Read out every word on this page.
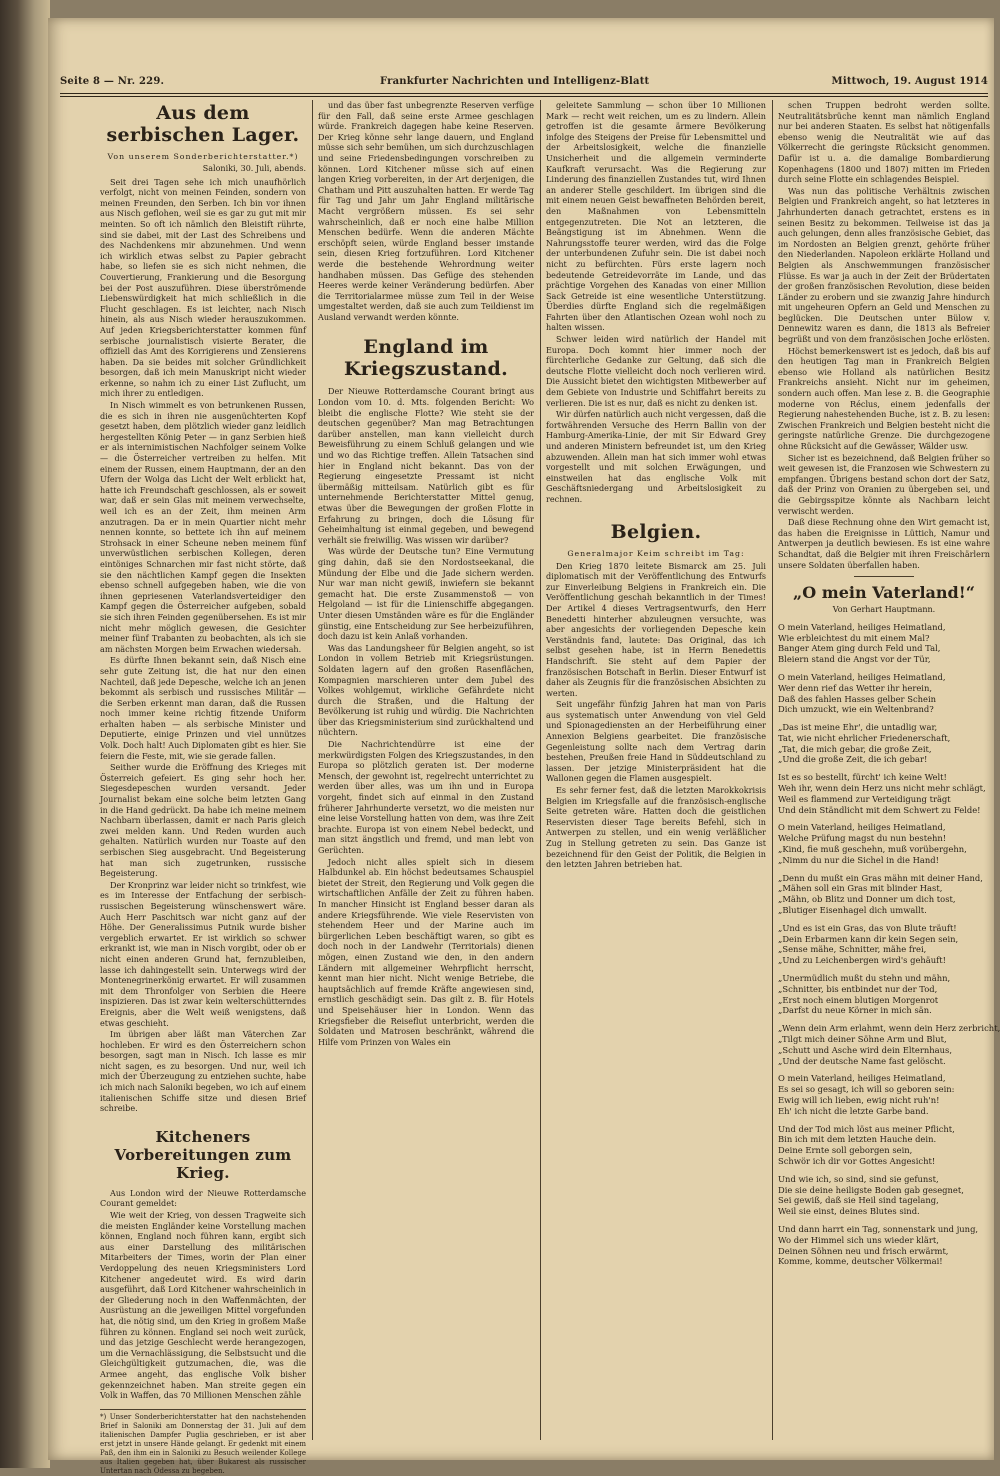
Seite 8 — Nr. 229.	Frankfurter Nachrichten und Intelligenz-Blatt	Mittwoch, 19. August 1914
Aus dem serbischen Lager.
Von unserem Sonderberichterstatter.*)
Saloniki, 30. Juli, abends.

Seit drei Tagen sehe ich mich unaufhörlich verfolgt, nicht von meinen Feinden, sondern von meinen Freunden, den Serben. Ich bin vor ihnen aus Nisch geflohen, weil sie es gar zu gut mit mir meinten. So oft ich nämlich den Bleistift rührte, sind sie dabei, mit der Last des Schreibens und des Nachdenkens mir abzunehmen. Und wenn ich wirklich etwas selbst zu Papier gebracht habe, so liefen sie es sich nicht nehmen, die Couvertierung, Frankierung und die Besorgung bei der Post auszuführen. Diese überströmende Liebenswürdigkeit hat mich schließlich in die Flucht geschlagen. Es ist leichter, nach Nisch hinein, als aus Nisch wieder herauszukommen. Auf jeden Kriegsberichterstatter kommen fünf serbische journalistisch visierte Berater, die offiziell das Amt des Korrigierens und Zensierens haben. Da sie beides mit solcher Gründlichkeit besorgen, daß ich mein Manuskript nicht wieder erkenne, so nahm ich zu einer List Zuflucht, um mich ihrer zu entledigen.

In Nisch wimmelt es von betrunkenen Russen, die es sich in ihren nie ausgenüchterten Kopf gesetzt haben, dem plötzlich wieder ganz leidlich hergestellten König Peter — in ganz Serbien hieß er als internimistischen Nachfolger seinem Volke — die Österreicher vertreiben zu helfen. Mit einem der Russen, einem Hauptmann, der an den Ufern der Wolga das Licht der Welt erblickt hat, hatte ich Freundschaft geschlossen, als er soweit war, daß er sein Glas mit meinem verwechselte, weil ich es an der Zeit, ihm meinen Arm anzutragen. Da er in mein Quartier nicht mehr nennen konnte, so bettete ich ihn auf meinem Strohsack in einer Scheune neben meinem fünf unverwüstlichen serbischen Kollegen, deren eintöniges Schnarchen mir fast nicht störte, daß sie den nächtlichen Kampf gegen die Insekten ebenso schnell aufgegeben haben, wie die von ihnen gepriesenen Vaterlandsverteidiger den Kampf gegen die Österreicher aufgeben, sobald sie sich ihren Feinden gegenübersehen. Es ist mir nicht mehr möglich gewesen, die Gesichter meiner fünf Trabanten zu beobachten, als ich sie am nächsten Morgen beim Erwachen wiedersah.

Es dürfte Ihnen bekannt sein, daß Nisch eine sehr gute Zeitung ist, die hat nur den einen Nachteil, daß jede Depesche, welche ich an jenen bekommt als serbisch und russisches Militär — die Serben erkennt man daran, daß die Russen noch immer keine richtig fitzende Uniform erhalten haben — als serbische Minister und Deputierte, einige Prinzen und viel unnützes Volk. Doch halt! Auch Diplomaten gibt es hier. Sie feiern die Feste, mit, wie sie gerade fallen.

Seither wurde die Eröffnung des Krieges mit Österreich gefeiert. Es ging sehr hoch her. Siegesdepeschen wurden versandt. Jeder Journalist bekam eine solche beim letzten Gang in die Hand gedrückt. Da habe ich meine meinem Nachbarn überlassen, damit er nach Paris gleich zwei melden kann. Und Reden wurden auch gehalten. Natürlich wurden nur Toaste auf den serbischen Sieg ausgebracht. Und Begeisterung hat man sich zugetrunken, russische Begeisterung.

Der Kronprinz war leider nicht so trinkfest, wie es im Interesse der Entfachung der serbisch-russischen Begeisterung wünschenswert wäre. Auch Herr Paschitsch war nicht ganz auf der Höhe. Der Generalissimus Putnik wurde bisher vergeblich erwartet. Er ist wirklich so schwer erkrankt ist, wie man in Nisch vorgibt, oder ob er nicht einen anderen Grund hat, fernzubleiben, lasse ich dahingestellt sein. Unterwegs wird der Montenegrinerkönig erwartet. Er will zusammen mit dem Thronfolger von Serbien die Heere inspizieren. Das ist zwar kein welterschütterndes Ereignis, aber die Welt weiß wenigstens, daß etwas geschieht.

Im übrigen aber läßt man Väterchen Zar hochleben. Er wird es den Österreichern schon besorgen, sagt man in Nisch. Ich lasse es mir nicht sagen, es zu besorgen. Und nur, weil ich mich der Überzeugung zu entziehen suchte, habe ich mich nach Saloniki begeben, wo ich auf einem italienischen Schiffe sitze und diesen Brief schreibe.

Kitcheners Vorbereitungen zum Krieg.

Aus London wird der Nieuwe Rotterdamsche Courant gemeldet:

Wie weit der Krieg, von dessen Tragweite sich die meisten Engländer keine Vorstellung machen können, England noch führen kann, ergibt sich aus einer Darstellung des militärischen Mitarbeiters der Times, worin der Plan einer Verdoppelung des neuen Kriegsministers Lord Kitchener angedeutet wird. Es wird darin ausgeführt, daß Lord Kitchener wahrscheinlich in der Gliederung noch in den Waffenmächten, der Ausrüstung an die jeweiligen Mittel vorgefunden hat, die nötig sind, um den Krieg in großem Maße führen zu können. England sei noch weit zurück, und das jetzige Geschlecht werde herangezogen, um die Vernachlässigung, die Selbstsucht und die Gleichgültigkeit gutzumachen, die, was die Armee angeht, das englische Volk bisher gekennzeichnet haben. Man streite gegen ein Volk in Waffen, das 70 Millionen Menschen zähle

*) Unser Sonderberichterstatter hat den nachstehenden Brief in Saloniki am Donnerstag der 31. Juli auf dem italienischen Dampfer Puglia geschrieben, er ist aber erst jetzt in unsere Hände gelangt. Er gedenkt mit einem Paß, den ihm ein in Saloniki zu Besuch weilender Kollege aus Italien gegeben hat, über Bukarest als russischer Untertan nach Odessa zu begeben.

und das über fast unbegrenzte Reserven verfüge für den Fall, daß seine erste Armee geschlagen würde. Frankreich dagegen habe keine Reserven. Der Krieg könne sehr lange dauern, und England müsse sich sehr bemühen, um sich durchzuschlagen und seine Friedensbedingungen vorschreiben zu können. Lord Kitchener müsse sich auf einen langen Krieg vorbereiten, in der Art derjenigen, die Chatham und Pitt auszuhalten hatten. Er werde Tag für Tag und Jahr um Jahr England militärische Macht vergrößern müssen. Es sei sehr wahrscheinlich, daß er noch eine halbe Million Menschen bedürfe. Wenn die anderen Mächte erschöpft seien, würde England besser imstande sein, diesen Krieg fortzuführen. Lord Kitchener werde die bestehende Wehrordnung weiter handhaben müssen. Das Gefüge des stehenden Heeres werde keiner Veränderung bedürfen. Aber die Territorialarmee müsse zum Teil in der Weise umgestaltet werden, daß sie auch zum Teildienst im Ausland verwandt werden könnte.

England im Kriegszustand.

Der Nieuwe Rotterdamsche Courant bringt aus London vom 10. d. Mts. folgenden Bericht: Wo bleibt die englische Flotte? Wie steht sie der deutschen gegenüber? Man mag Betrachtungen darüber anstellen, man kann vielleicht durch Beweisführung zu einem Schluß gelangen und wie und wo das Richtige treffen. Allein Tatsachen sind hier in England nicht bekannt. Das von der Regierung eingesetzte Pressamt ist nicht übermäßig mitteilsam. Natürlich gibt es für unternehmende Berichterstatter Mittel genug, etwas über die Bewegungen der großen Flotte in Erfahrung zu bringen, doch die Lösung für Geheimhaltung ist einmal gegeben, und bewegend verhält sie freiwillig. Was wissen wir darüber?

Was würde der Deutsche tun? Eine Vermutung ging dahin, daß sie den Nordostseekanal, die Mündung der Elbe und die Jade sichern werden. Nur war man nicht gewiß, inwiefern sie bekannt gemacht hat. Die erste Zusammenstoß — von Helgoland — ist für die Linienschiffe abgegangen. Unter diesen Umständen wäre es für die Engländer günstig, eine Entscheidung zur See herbeizuführen, doch dazu ist kein Anlaß vorhanden.

Was das Landungsheer für Belgien angeht, so ist London in vollem Betrieb mit Kriegsrüstungen. Soldaten lagern auf den großen Rasenflächen, Kompagnien marschieren unter dem Jubel des Volkes wohlgemut, wirkliche Gefährdete nicht durch die Straßen, und die Haltung der Bevölkerung ist ruhig und würdig. Die Nachrichten über das Kriegsministerium sind zurückhaltend und nüchtern.

Die Nachrichtendürre ist eine der merkwürdigsten Folgen des Kriegszustandes, in den Europa so plötzlich geraten ist. Der moderne Mensch, der gewohnt ist, regelrecht unterrichtet zu werden über alles, was um ihn und in Europa vorgeht, findet sich auf einmal in den Zustand früherer Jahrhunderte versetzt, wo die meisten nur eine leise Vorstellung hatten von dem, was ihre Zeit brachte. Europa ist von einem Nebel bedeckt, und man sitzt ängstlich und fremd, und man lebt von Gerüchten.

Jedoch nicht alles spielt sich in diesem Halbdunkel ab. Ein höchst bedeutsames Schauspiel bietet der Streit, den Regierung und Volk gegen die wirtschaftlichen Anfälle der Zeit zu führen haben. In mancher Hinsicht ist England besser daran als andere Kriegsführende. Wie viele Reservisten von stehendem Heer und der Marine auch im bürgerlichen Leben beschäftigt waren, so gibt es doch noch in der Landwehr (Territorials) dienen mögen, einen Zustand wie den, in den andern Ländern mit allgemeiner Wehrpflicht herrscht, kennt man hier nicht. Nicht wenige Betriebe, die hauptsächlich auf fremde Kräfte angewiesen sind, ernstlich geschädigt sein. Das gilt z. B. für Hotels und Speisehäuser hier in London. Wenn das Kriegsfieber die Reiseflut unterbricht, werden die Soldaten und Matrosen beschränkt, während die Hilfe vom Prinzen von Wales ein

geleitete Sammlung — schon über 10 Millionen Mark — recht weit reichen, um es zu lindern. Allein getroffen ist die gesamte ärmere Bevölkerung infolge des Steigens der Preise für Lebensmittel und der Arbeitslosigkeit, welche die finanzielle Unsicherheit und die allgemein verminderte Kaufkraft verursacht. Was die Regierung zur Linderung des finanziellen Zustandes tut, wird Ihnen an anderer Stelle geschildert. Im übrigen sind die mit einem neuen Geist bewaffneten Behörden bereit, den Maßnahmen von Lebensmitteln entgegenzutreten. Die Not an letzteren, die Beängstigung ist im Abnehmen. Wenn die Nahrungsstoffe teurer werden, wird das die Folge der unterbundenen Zufuhr sein. Die ist dabei noch nicht zu befürchten. Fürs erste lagern noch bedeutende Getreidevorräte im Lande, und das prächtige Vorgehen des Kanadas von einer Million Sack Getreide ist eine wesentliche Unterstützung. Überdies dürfte England sich die regelmäßigen Fahrten über den Atlantischen Ozean wohl noch zu halten wissen.

Schwer leiden wird natürlich der Handel mit Europa. Doch kommt hier immer noch der fürchterliche Gedanke zur Geltung, daß sich die deutsche Flotte vielleicht doch noch verlieren wird. Die Aussicht bietet den wichtigsten Mitbewerber auf dem Gebiete von Industrie und Schiffahrt bereits zu verlieren. Die ist es nur, daß es nicht zu denken ist.

Wir dürfen natürlich auch nicht vergessen, daß die fortwährenden Versuche des Herrn Ballin von der Hamburg-Amerika-Linie, der mit Sir Edward Grey und anderen Ministern befreundet ist, um den Krieg abzuwenden. Allein man hat sich immer wohl etwas vorgestellt und mit solchen Erwägungen, und einstweilen hat das englische Volk mit Geschäftsniedergang und Arbeitslosigkeit zu rechnen.

Belgien.
Generalmajor Keim schreibt im Tag:

Den Krieg 1870 leitete Bismarck am 25. Juli diplomatisch mit der Veröffentlichung des Entwurfs zur Einverleibung Belgiens in Frankreich ein. Die Veröffentlichung geschah bekanntlich in der Times! Der Artikel 4 dieses Vertragsentwurfs, den Herr Benedetti hinterher abzuleugnen versuchte, was aber angesichts der vorliegenden Depesche kein Verständnis fand, lautete: Das Original, das ich selbst gesehen habe, ist in Herrn Benedettis Handschrift. Sie steht auf dem Papier der französischen Botschaft in Berlin. Dieser Entwurf ist daher als Zeugnis für die französischen Absichten zu werten.

Seit ungefähr fünfzig Jahren hat man von Paris aus systematisch unter Anwendung von viel Geld und Spionagediensten an der Herbeiführung einer Annexion Belgiens gearbeitet. Die französische Gegenleistung sollte nach dem Vertrag darin bestehen, Preußen freie Hand in Süddeutschland zu lassen. Der jetzige Ministerpräsident hat die Wallonen gegen die Flamen ausgespielt.

Es sehr ferner fest, daß die letzten Marokkokrisis Belgien im Kriegsfalle auf die französisch-englische Seite getreten wäre. Hatten doch die geistlichen Reservisten dieser Tage bereits Befehl, sich in Antwerpen zu stellen, und ein wenig verläßlicher Zug in Stellung getreten zu sein. Das Ganze ist bezeichnend für den Geist der Politik, die Belgien in den letzten Jahren betrieben hat.

schen Truppen bedroht werden sollte. Neutralitätsbrüche kennt man nämlich England nur bei anderen Staaten. Es selbst hat nötigenfalls ebenso wenig die Neutralität wie auf das Völkerrecht die geringste Rücksicht genommen. Dafür ist u. a. die damalige Bombardierung Kopenhagens (1800 und 1807) mitten im Frieden durch seine Flotte ein schlagendes Beispiel.

Was nun das politische Verhältnis zwischen Belgien und Frankreich angeht, so hat letzteres in Jahrhunderten danach getrachtet, erstens es in seinen Besitz zu bekommen. Teilweise ist das ja auch gelungen, denn alles französische Gebiet, das im Nordosten an Belgien grenzt, gehörte früher den Niederlanden. Napoleon erklärte Holland und Belgien als Anschwemmungen französischer Flüsse. Es war ja auch in der Zeit der Brüdertaten der großen französischen Revolution, diese beiden Länder zu erobern und sie zwanzig Jahre hindurch mit ungeheuren Opfern an Geld und Menschen zu beglücken. Die Deutschen unter Bülow v. Dennewitz waren es dann, die 1813 als Befreier begrüßt und von dem französischen Joche erlösten.

Höchst bemerkenswert ist es jedoch, daß bis auf den heutigen Tag man in Frankreich Belgien ebenso wie Holland als natürlichen Besitz Frankreichs ansieht. Nicht nur im geheimen, sondern auch offen. Man lese z. B. die Geographie moderne von Réclus, einem jedenfalls der Regierung nahestehenden Buche, ist z. B. zu lesen: Zwischen Frankreich und Belgien besteht nicht die geringste natürliche Grenze. Die durchgezogene ohne Rücksicht auf die Gewässer, Wälder usw.

Sicher ist es bezeichnend, daß Belgien früher so weit gewesen ist, die Franzosen wie Schwestern zu empfangen. Übrigens bestand schon dort der Satz, daß der Prinz von Oranien zu übergeben sei, und die Gebirgsspitze könnte als Nachbarn leicht verwischt werden.

Daß diese Rechnung ohne den Wirt gemacht ist, das haben die Ereignisse in Lüttich, Namur und Antwerpen ja deutlich bewiesen. Es ist eine wahre Schandtat, daß die Belgier mit ihren Freischärlern unsere Soldaten überfallen haben.

„O mein Vaterland!“
Von Gerhart Hauptmann.
O mein Vaterland, heiliges Heimatland,
Wie erbleichtest du mit einem Mal?
Banger Atem ging durch Feld und Tal,
Bleiern stand die Angst vor der Tür,
O mein Vaterland, heiliges Heimatland,
Wer denn rief das Wetter ihr herein,
Daß des fahlen Hasses gelber Schein
Dich umzuckt, wie ein Weltenbrand?
„Das ist meine Ehr', die untadlig war,
Tat, wie nicht ehrlicher Friedenerschaft,
„Tat, die mich gebar, die große Zeit,
„Und die große Zeit, die ich gebar!
Ist es so bestellt, fürcht' ich keine Welt!
Weh ihr, wenn dein Herz uns nicht mehr schlägt,
Weil es flammend zur Verteidigung trägt
Und dein Ständlicht mit dem Schwert zu Felde!
O mein Vaterland, heiliges Heimatland,
Welche Prüfung magst du nun bestehn!
„Kind, fie muß geschehn, muß vorübergehn,
„Nimm du nur die Sichel in die Hand!
„Denn du mußt ein Gras mähn mit deiner Hand,
„Mähen soll ein Gras mit blinder Hast,
„Mähn, ob Blitz und Donner um dich tost,
„Blutiger Eisenhagel dich umwallt.
„Und es ist ein Gras, das von Blute träuft!
„Dein Erbarmen kann dir kein Segen sein,
„Sense mähe, Schnitter, mähe frei,
„Und zu Leichenbergen wird's gehäuft!
„Unermüdlich mußt du stehn und mähn,
„Schnitter, bis entbindet nur der Tod,
„Erst noch einem blutigen Morgenrot
„Darfst du neue Körner in mich sän.
„Wenn dein Arm erlahmt, wenn dein Herz zerbricht,
„Tilgt mich deiner Söhne Arm und Blut,
„Schutt und Asche wird dein Elternhaus,
„Und der deutsche Name fast gelöscht.
O mein Vaterland, heiliges Heimatland,
Es sei so gesagt, ich will so geboren sein:
Ewig will ich lieben, ewig nicht ruh'n!
Eh' ich nicht die letzte Garbe band.
Und der Tod mich löst aus meiner Pflicht,
Bin ich mit dem letzten Hauche dein.
Deine Ernte soll geborgen sein,
Schwör ich dir vor Gottes Angesicht!
Und wie ich, so sind, sind sie gefunst,
Die sie deine heiligste Boden gab gesegnet,
Sei gewiß, daß sie Heil sind tagelang,
Weil sie einst, deines Blutes sind.
Und dann harrt ein Tag, sonnenstark und jung,
Wo der Himmel sich uns wieder klärt,
Deinen Söhnen neu und frisch erwärmt,
Komme, komme, deutscher Völkermai!
